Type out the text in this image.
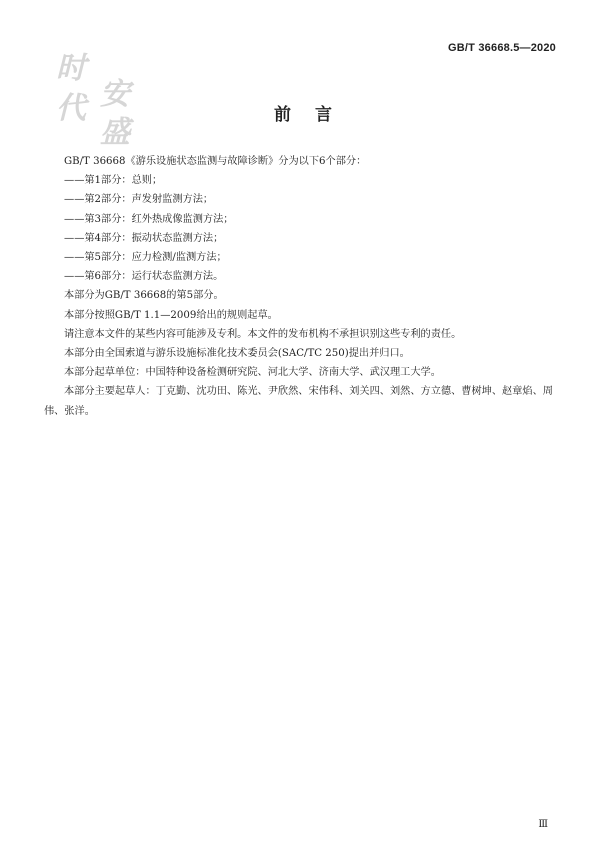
GB/T 36668.5—2020
时
安
代
盛	前言

GB/T 36668《游乐设施状态监测与故障诊断》分为以下6个部分：

——第1部分：总则；

——第2部分：声发射监测方法；

——第3部分：红外热成像监测方法；

——第4部分：振动状态监测方法；

——第5部分：应力检测/监测方法；

——第6部分：运行状态监测方法。

本部分为GB/T 36668的第5部分。

本部分按照GB/T 1.1—2009给出的规则起草。

请注意本文件的某些内容可能涉及专利。本文件的发布机构不承担识别这些专利的责任。

本部分由全国索道与游乐设施标准化技术委员会(SAC/TC 250)提出并归口。

本部分起草单位：中国特种设备检测研究院、河北大学、济南大学、武汉理工大学。

本部分主要起草人：丁克勤、沈功田、陈光、尹欣然、宋伟科、刘关四、刘然、方立德、曹树坤、赵章焰、周伟、张洋。

Ⅲ
